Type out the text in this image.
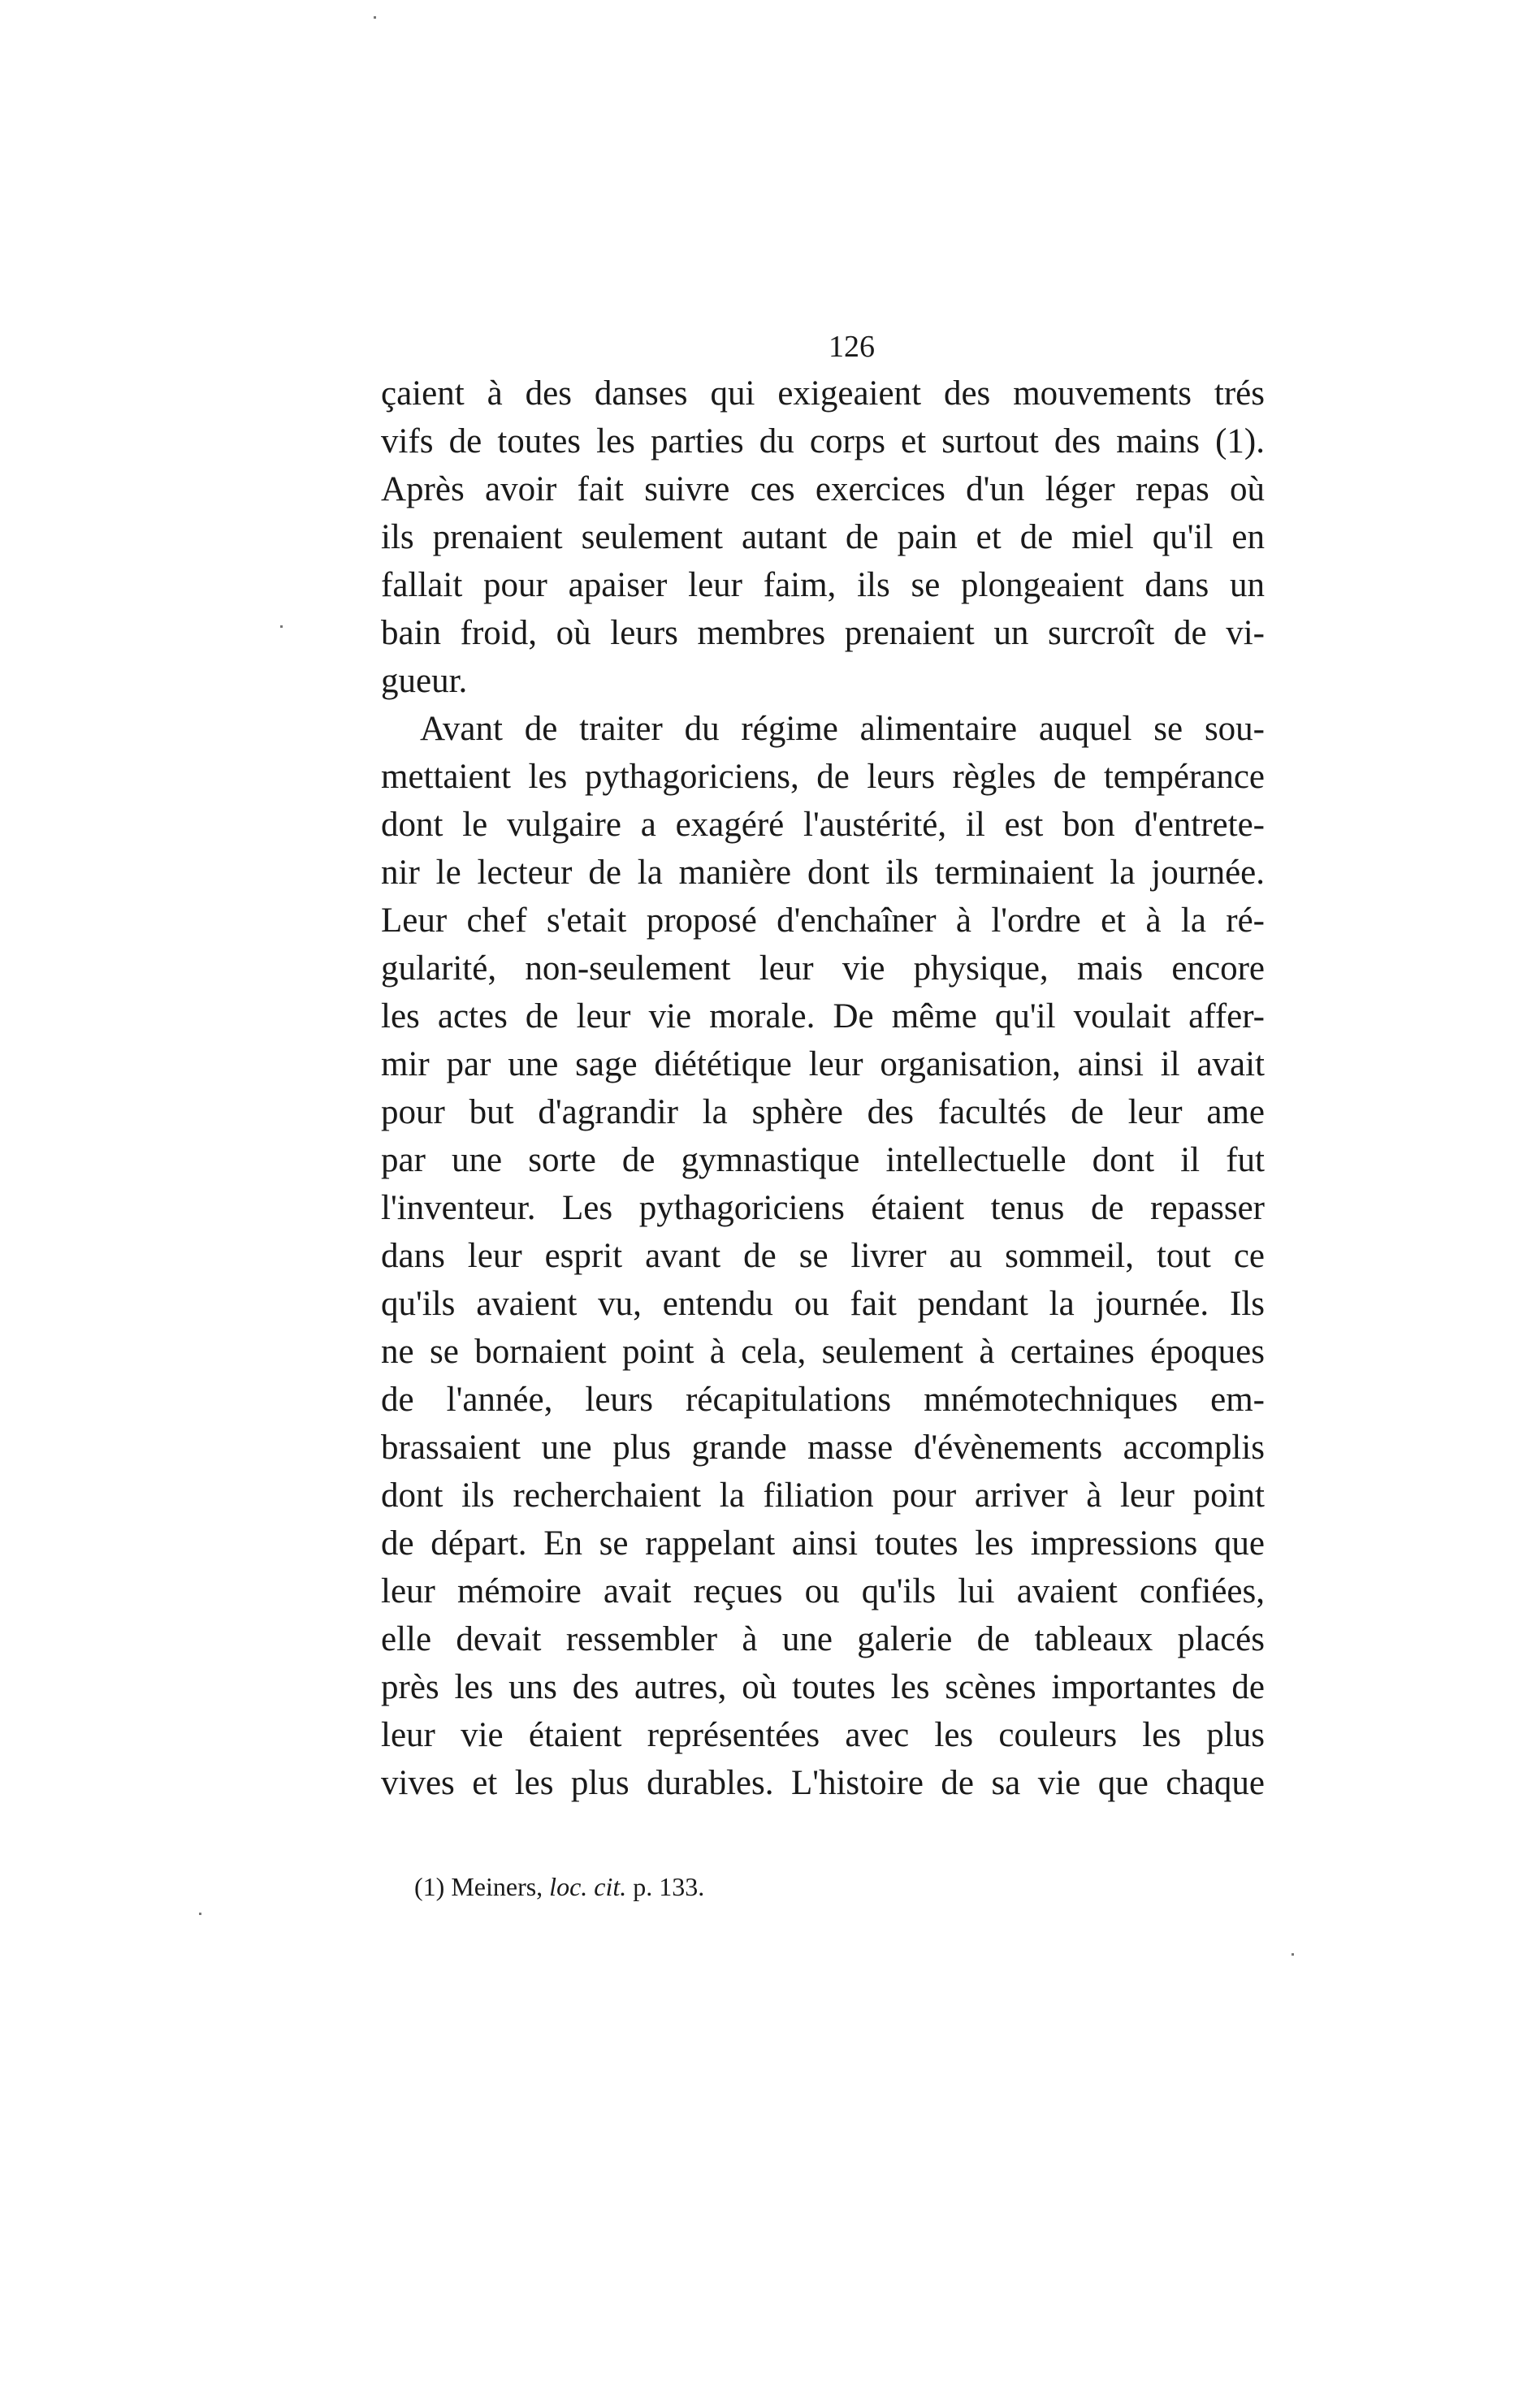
126
çaient à des danses qui exigeaient des mouvements trés
vifs de toutes les parties du corps et surtout des mains (1).
Après avoir fait suivre ces exercices d'un léger repas où
ils prenaient seulement autant de pain et de miel qu'il en
fallait pour apaiser leur faim, ils se plongeaient dans un
bain froid, où leurs membres prenaient un surcroît de vi-
gueur.
Avant de traiter du régime alimentaire auquel se sou-
mettaient les pythagoriciens, de leurs règles de tempérance
dont le vulgaire a exagéré l'austérité, il est bon d'entrete-
nir le lecteur de la manière dont ils terminaient la journée.
Leur chef s'etait proposé d'enchaîner à l'ordre et à la ré-
gularité, non-seulement leur vie physique, mais encore
les actes de leur vie morale. De même qu'il voulait affer-
mir par une sage diététique leur organisation, ainsi il avait
pour but d'agrandir la sphère des facultés de leur ame
par une sorte de gymnastique intellectuelle dont il fut
l'inventeur. Les pythagoriciens étaient tenus de repasser
dans leur esprit avant de se livrer au sommeil, tout ce
qu'ils avaient vu, entendu ou fait pendant la journée. Ils
ne se bornaient point à cela, seulement à certaines époques
de l'année, leurs récapitulations mnémotechniques em-
brassaient une plus grande masse d'évènements accomplis
dont ils recherchaient la filiation pour arriver à leur point
de départ. En se rappelant ainsi toutes les impressions que
leur mémoire avait reçues ou qu'ils lui avaient confiées,
elle devait ressembler à une galerie de tableaux placés
près les uns des autres, où toutes les scènes importantes de
leur vie étaient représentées avec les couleurs les plus
vives et les plus durables. L'histoire de sa vie que chaque
(1) Meiners, loc. cit. p. 133.
